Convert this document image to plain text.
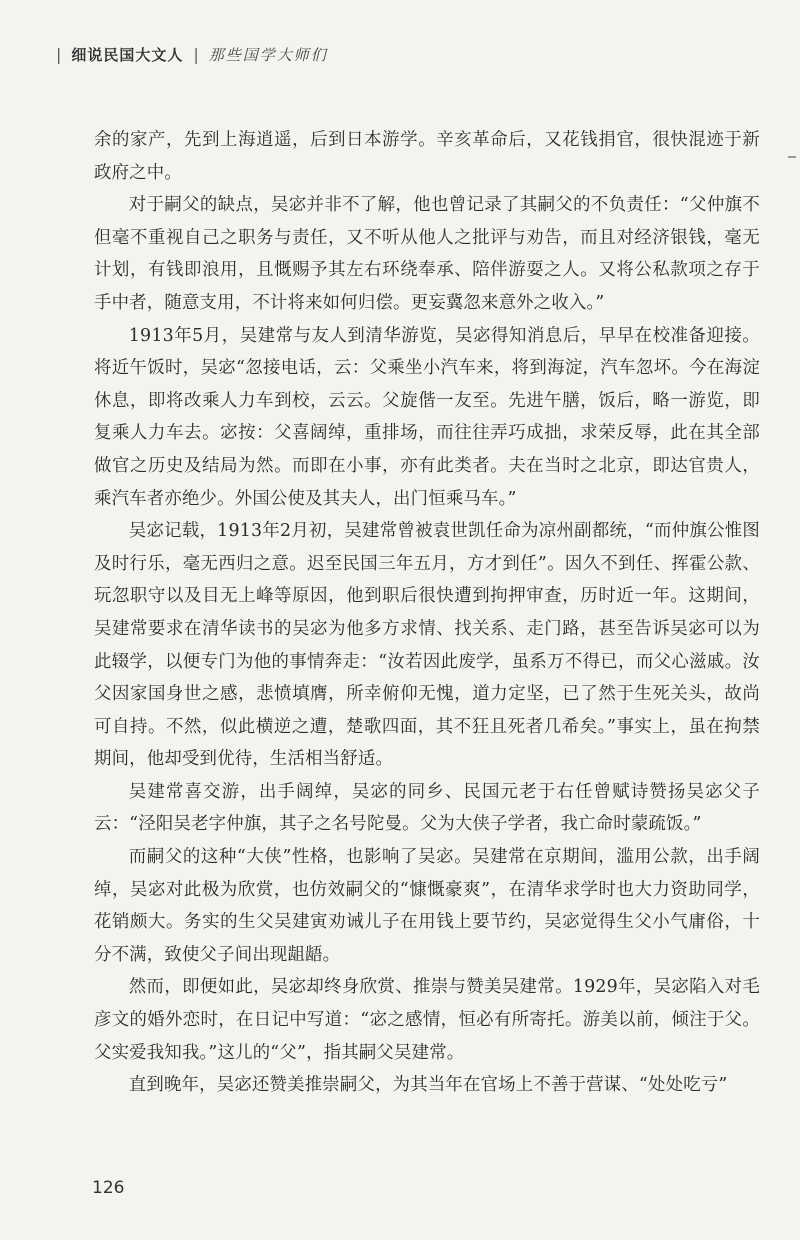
| 细说民国大文人 | 那些国学大师们

余的家产，先到上海逍遥，后到日本游学。辛亥革命后，又花钱捐官，很快混迹于新政府之中。

对于嗣父的缺点，吴宓并非不了解，他也曾记录了其嗣父的不负责任：“父仲旗不但毫不重视自己之职务与责任，又不听从他人之批评与劝告，而且对经济银钱，毫无计划，有钱即浪用，且慨赐予其左右环绕奉承、陪伴游耍之人。又将公私款项之存于手中者，随意支用，不计将来如何归偿。更妄冀忽来意外之收入。”

1913年5月，吴建常与友人到清华游览，吴宓得知消息后，早早在校准备迎接。将近午饭时，吴宓“忽接电话，云：父乘坐小汽车来，将到海淀，汽车忽坏。今在海淀休息，即将改乘人力车到校，云云。父旋偕一友至。先进午膳，饭后，略一游览，即复乘人力车去。宓按：父喜阔绰，重排场，而往往弄巧成拙，求荣反辱，此在其全部做官之历史及结局为然。而即在小事，亦有此类者。夫在当时之北京，即达官贵人，乘汽车者亦绝少。外国公使及其夫人，出门恒乘马车。”

吴宓记载，1913年2月初，吴建常曾被袁世凯任命为凉州副都统，“而仲旗公惟图及时行乐，毫无西归之意。迟至民国三年五月，方才到任”。因久不到任、挥霍公款、玩忽职守以及目无上峰等原因，他到职后很快遭到拘押审查，历时近一年。这期间，吴建常要求在清华读书的吴宓为他多方求情、找关系、走门路，甚至告诉吴宓可以为此辍学，以便专门为他的事情奔走：“汝若因此废学，虽系万不得已，而父心滋戚。汝父因家国身世之感，悲愤填膺，所幸俯仰无愧，道力定坚，已了然于生死关头，故尚可自持。不然，似此横逆之遭，楚歌四面，其不狂且死者几希矣。”事实上，虽在拘禁期间，他却受到优待，生活相当舒适。

吴建常喜交游，出手阔绰，吴宓的同乡、民国元老于右任曾赋诗赞扬吴宓父子云：“泾阳吴老字仲旗，其子之名号陀曼。父为大侠子学者，我亡命时蒙疏饭。”

而嗣父的这种“大侠”性格，也影响了吴宓。吴建常在京期间，滥用公款，出手阔绰，吴宓对此极为欣赏，也仿效嗣父的“慷慨豪爽”，在清华求学时也大力资助同学，花销颇大。务实的生父吴建寅劝诫儿子在用钱上要节约，吴宓觉得生父小气庸俗，十分不满，致使父子间出现龃龉。

然而，即便如此，吴宓却终身欣赏、推崇与赞美吴建常。1929年，吴宓陷入对毛彦文的婚外恋时，在日记中写道：“宓之感情，恒必有所寄托。游美以前，倾注于父。父实爱我知我。”这儿的“父”，指其嗣父吴建常。

直到晚年，吴宓还赞美推崇嗣父，为其当年在官场上不善于营谋、“处处吃亏”

126
